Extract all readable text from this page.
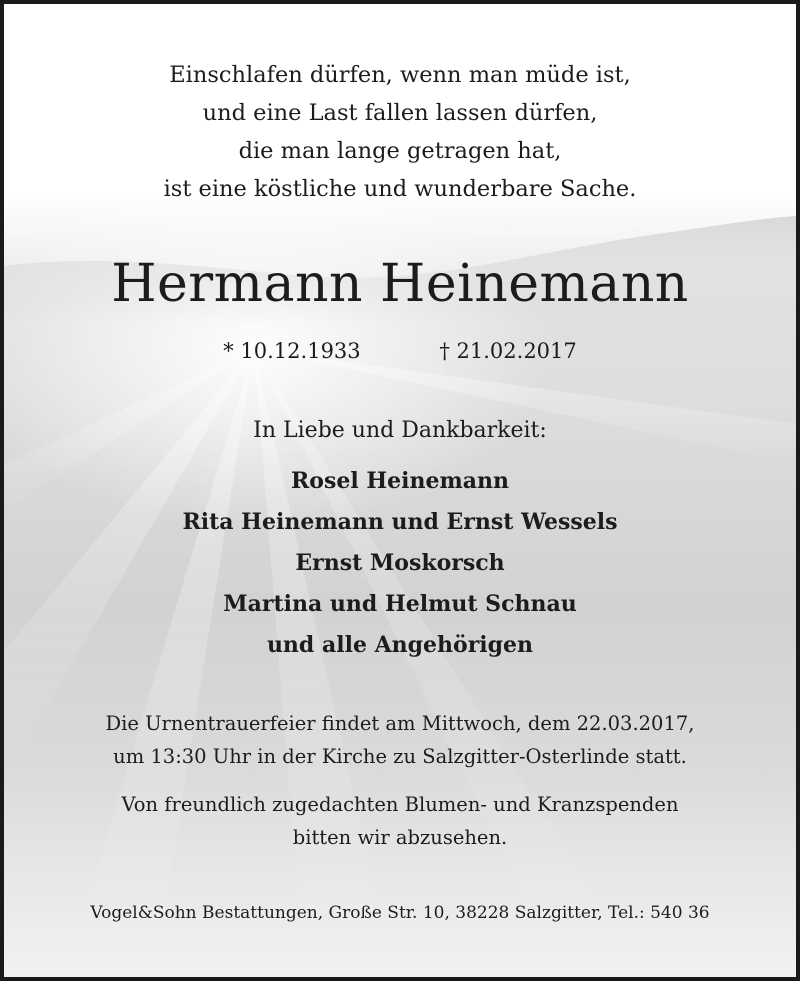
Einschlafen dürfen, wenn man müde ist,
und eine Last fallen lassen dürfen,
die man lange getragen hat,
ist eine köstliche und wunderbare Sache.
Hermann Heinemann
* 10.12.1933	† 21.02.2017
In Liebe und Dankbarkeit:
Rosel Heinemann
Rita Heinemann und Ernst Wessels
Ernst Moskorsch
Martina und Helmut Schnau
und alle Angehörigen
Die Urnentrauerfeier findet am Mittwoch, dem 22.03.2017,
um 13:30 Uhr in der Kirche zu Salzgitter-Osterlinde statt.
Von freundlich zugedachten Blumen- und Kranzspenden
bitten wir abzusehen.
Vogel&Sohn Bestattungen, Große Str. 10, 38228 Salzgitter, Tel.: 540 36
